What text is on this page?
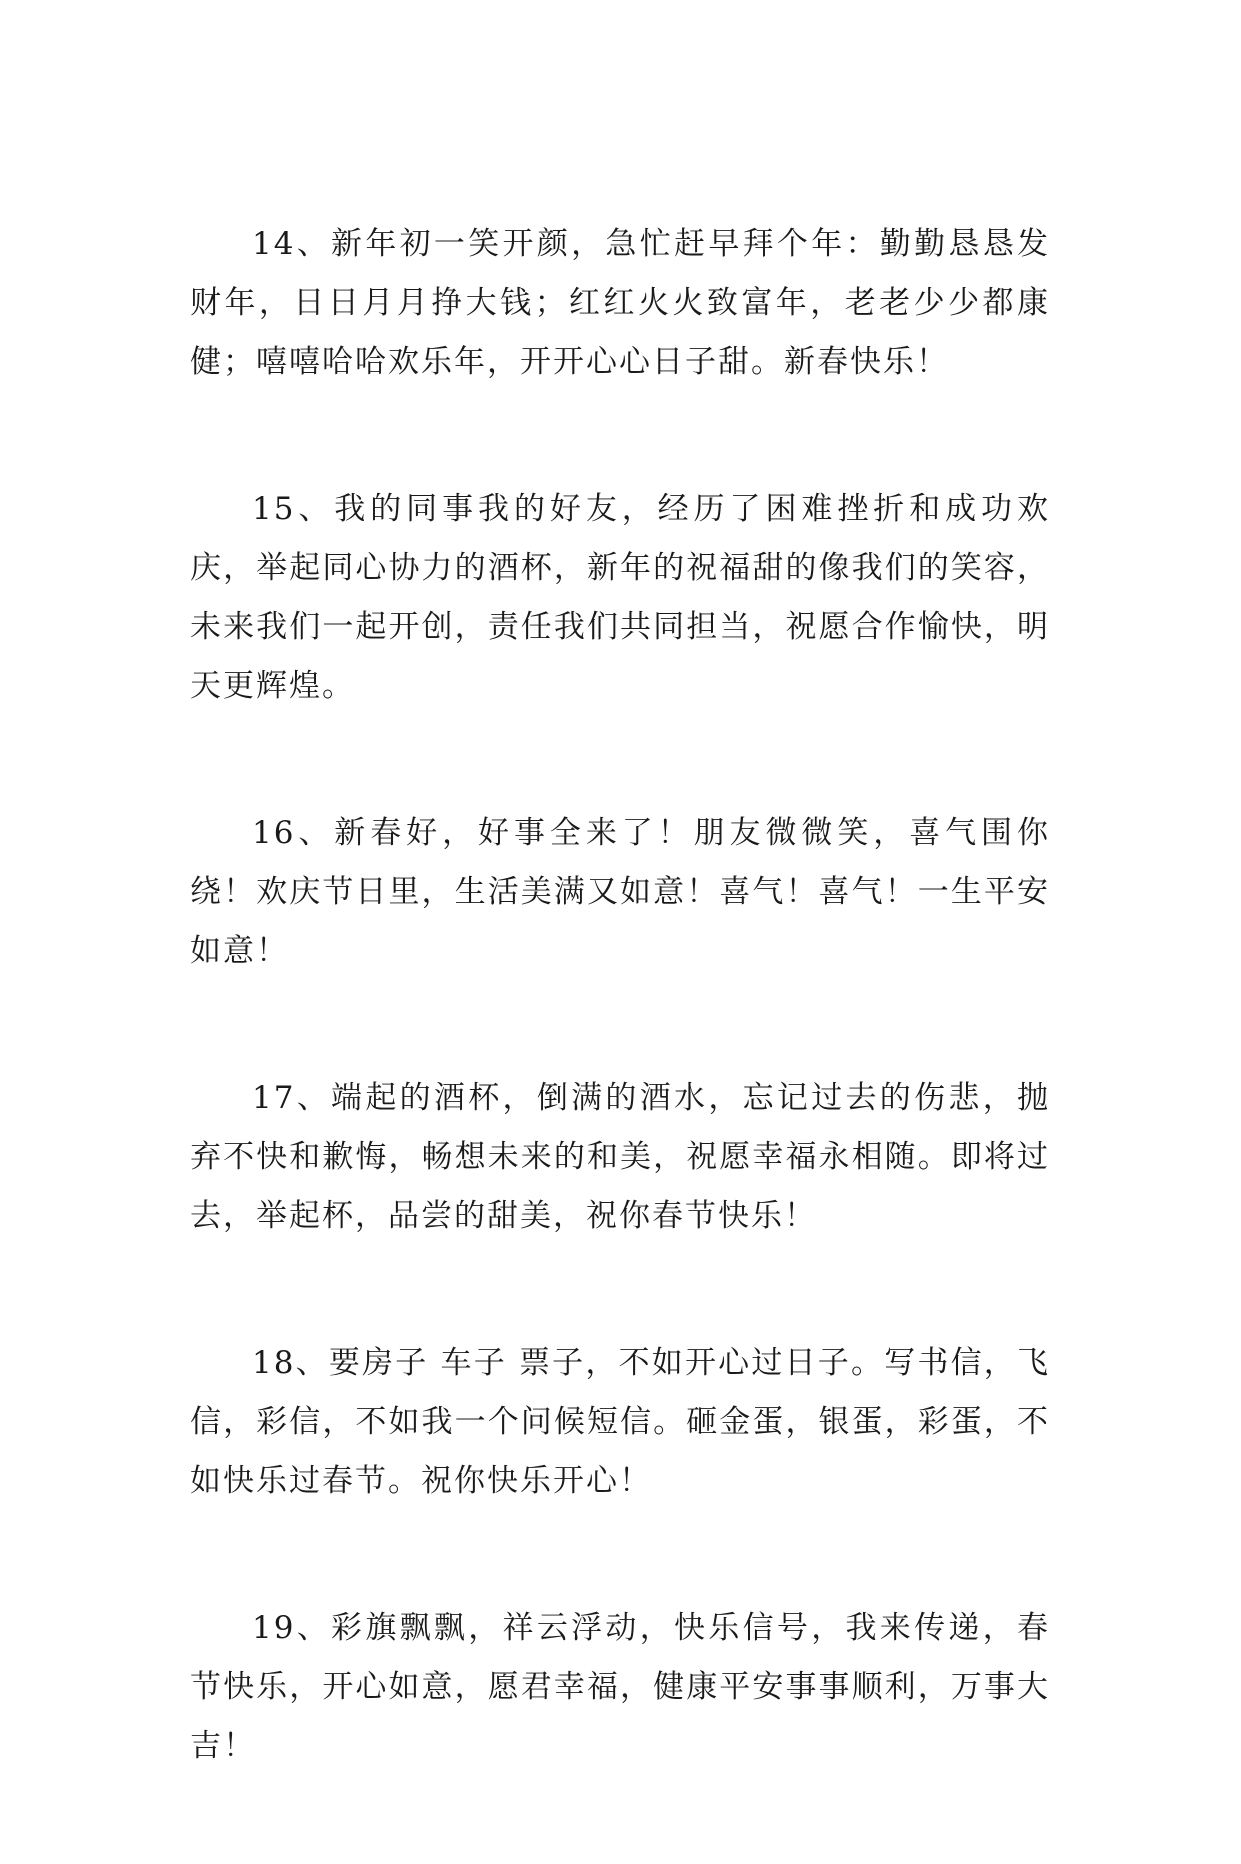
14、新年初一笑开颜，急忙赶早拜个年：勤勤恳恳发财年，日日月月挣大钱；红红火火致富年，老老少少都康健；嘻嘻哈哈欢乐年，开开心心日子甜。新春快乐！

15、我的同事我的好友，经历了困难挫折和成功欢庆，举起同心协力的酒杯，新年的祝福甜的像我们的笑容，未来我们一起开创，责任我们共同担当，祝愿合作愉快，明天更辉煌。

16、新春好，好事全来了！朋友微微笑，喜气围你绕！欢庆节日里，生活美满又如意！喜气！喜气！一生平安如意！

17、端起的酒杯，倒满的酒水，忘记过去的伤悲，抛弃不快和歉悔，畅想未来的和美，祝愿幸福永相随。即将过去，举起杯，品尝的甜美，祝你春节快乐！

18、要房子 车子 票子，不如开心过日子。写书信，飞信，彩信，不如我一个问候短信。砸金蛋，银蛋，彩蛋，不如快乐过春节。祝你快乐开心！

19、彩旗飘飘，祥云浮动，快乐信号，我来传递，春节快乐，开心如意，愿君幸福，健康平安事事顺利，万事大吉！
